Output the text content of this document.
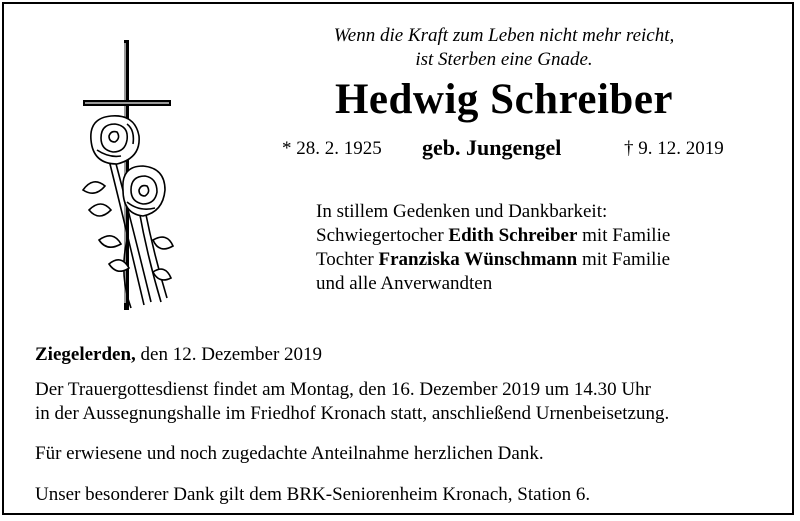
Wenn die Kraft zum Leben nicht mehr reicht,
ist Sterben eine Gnade.
Hedwig Schreiber
* 28. 2. 1925 geb. Jungengel	† 9. 12. 2019
In stillem Gedenken und Dankbarkeit:
Schwiegertocher Edith Schreiber mit Familie
Tochter Franziska Wünschmann mit Familie
und alle Anverwandten
Ziegelerden, den 12. Dezember 2019
Der Trauergottesdienst findet am Montag, den 16. Dezember 2019 um 14.30 Uhr
in der Aussegnungshalle im Friedhof Kronach statt, anschließend Urnenbeisetzung.
Für erwiesene und noch zugedachte Anteilnahme herzlichen Dank.
Unser besonderer Dank gilt dem BRK-Seniorenheim Kronach, Station 6.
